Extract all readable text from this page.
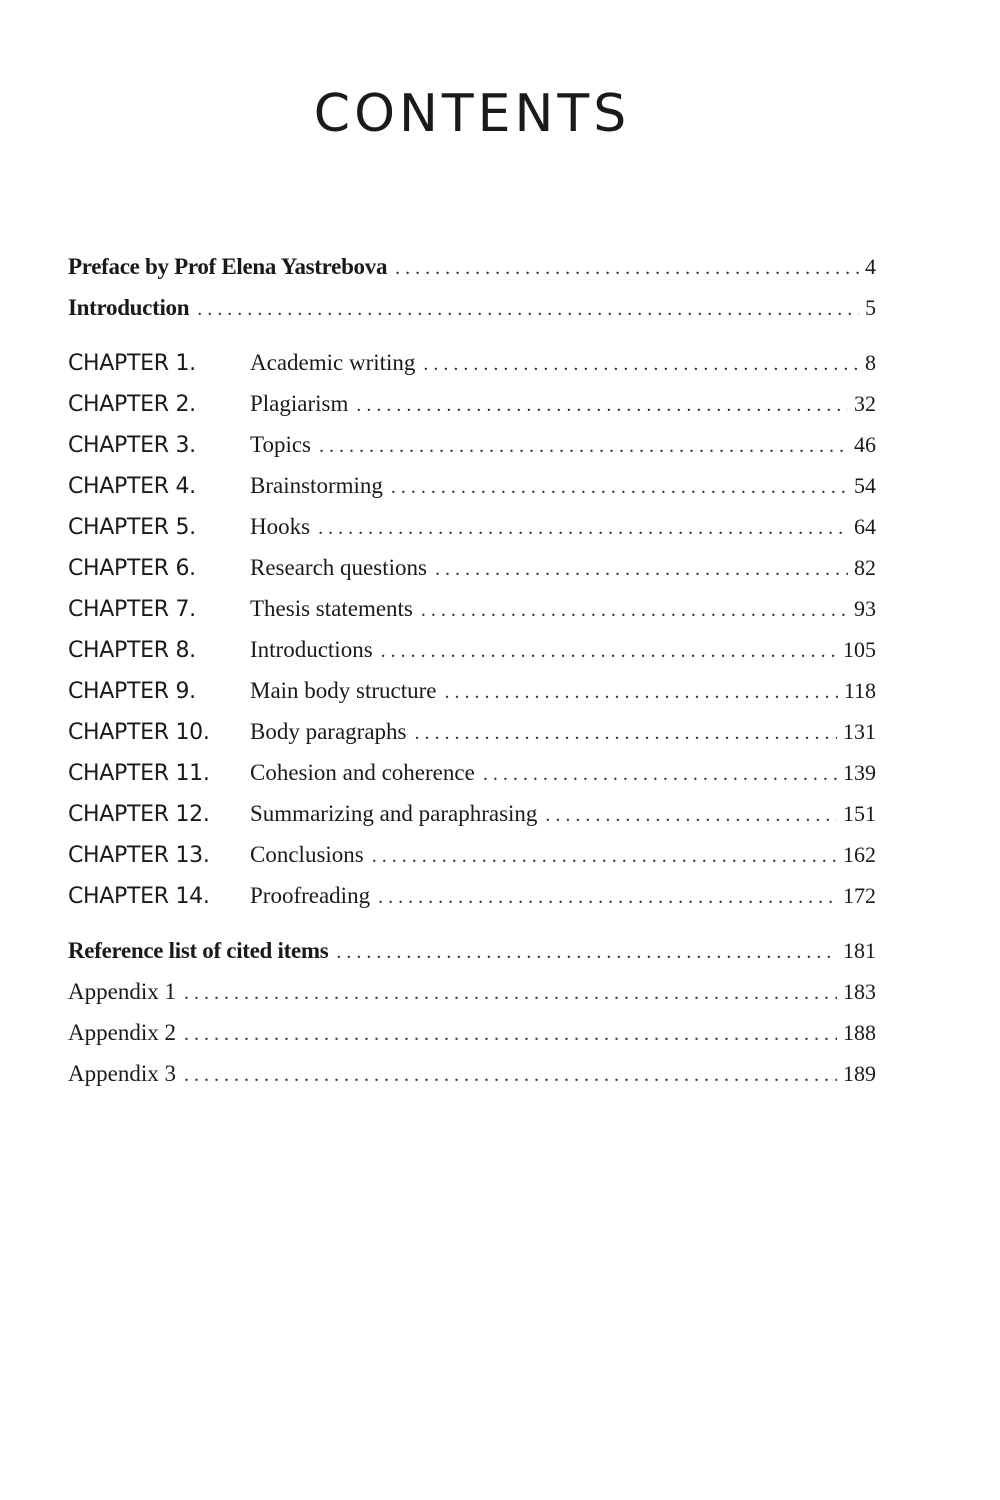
CONTENTS
Preface by Prof Elena Yastrebova . . .	4
Introduction . . .	5
CHAPTER 1.	Academic writing . . .	8
CHAPTER 2.	Plagiarism . . .	32
CHAPTER 3.	Topics . . .	46
CHAPTER 4.	Brainstorming . . .	54
CHAPTER 5.	Hooks . . .	64
CHAPTER 6.	Research questions . . .	82
CHAPTER 7.	Thesis statements . . .	93
CHAPTER 8.	Introductions . . .	105
CHAPTER 9.	Main body structure . . .	118
CHAPTER 10.	Body paragraphs . . .	131
CHAPTER 11.	Cohesion and coherence . . .	139
CHAPTER 12.	Summarizing and paraphrasing . . .	151
CHAPTER 13.	Conclusions . . .	162
CHAPTER 14.	Proofreading . . .	172
Reference list of cited items . . .	181
Appendix 1 . . .	183
Appendix 2 . . .	188
Appendix 3 . . .	189
